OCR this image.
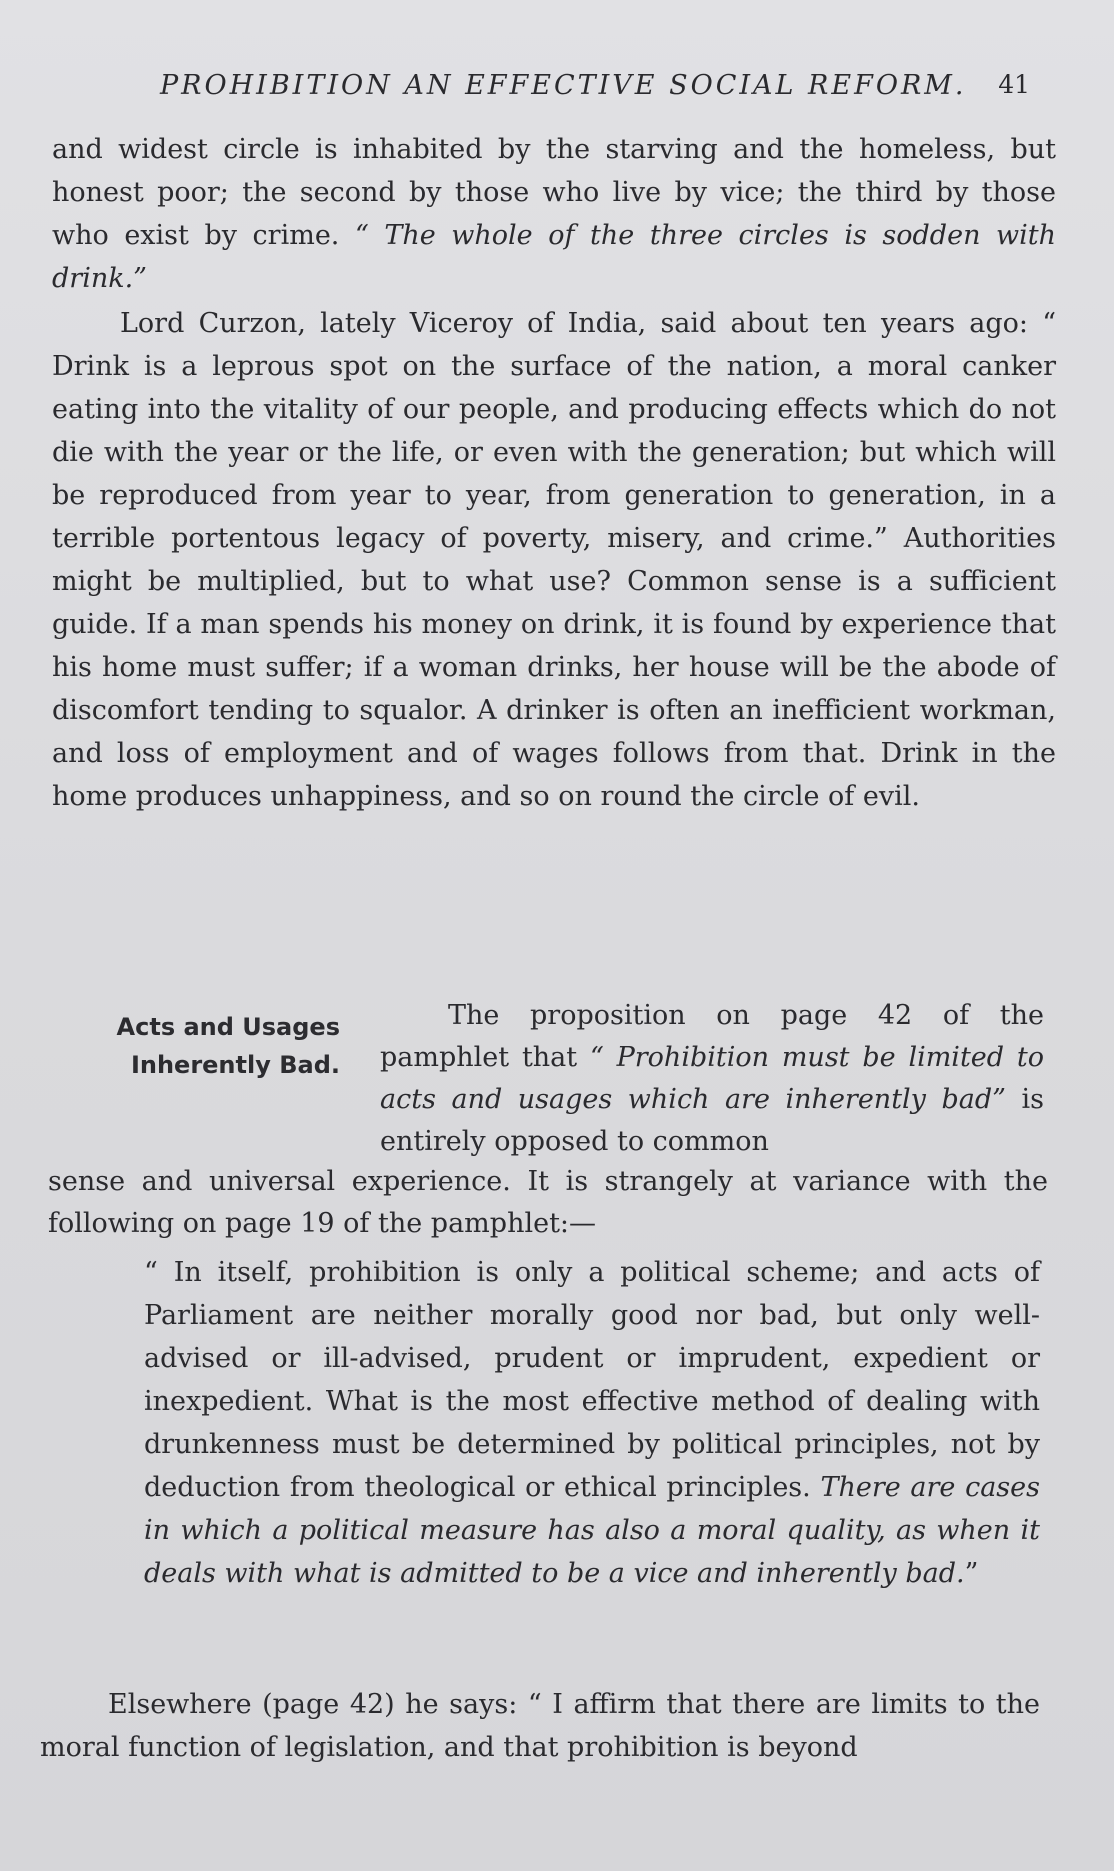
PROHIBITION AN EFFECTIVE SOCIAL REFORM. 41

and widest circle is inhabited by the starving and the homeless, but honest poor; the second by those who live by vice; the third by those who exist by crime. “ The whole of the three circles is sodden with drink.”

Lord Curzon, lately Viceroy of India, said about ten years ago: “ Drink is a leprous spot on the surface of the nation, a moral canker eating into the vitality of our people, and producing effects which do not die with the year or the life, or even with the generation; but which will be reproduced from year to year, from generation to generation, in a terrible portentous legacy of poverty, misery, and crime.” Authorities might be multiplied, but to what use? Common sense is a sufficient guide. If a man spends his money on drink, it is found by experience that his home must suffer; if a woman drinks, her house will be the abode of discomfort tending to squalor. A drinker is often an inefficient workman, and loss of employment and of wages follows from that. Drink in the home produces unhappiness, and so on round the circle of evil.

Acts and Usages
Inherently Bad.

The proposition on page 42 of the pamphlet that “ Prohibition must be limited to acts and usages which are inherently bad” is entirely opposed to common

sense and universal experience. It is strangely at variance with the following on page 19 of the pamphlet:—

“ In itself, prohibition is only a political scheme; and acts of Parliament are neither morally good nor bad, but only well-advised or ill-advised, prudent or imprudent, expedient or inexpedient. What is the most effective method of dealing with drunkenness must be determined by political principles, not by deduction from theological or ethical principles. There are cases in which a political measure has also a moral quality, as when it deals with what is admitted to be a vice and inherently bad.”

Elsewhere (page 42) he says: “ I affirm that there are limits to the moral function of legislation, and that prohibition is beyond
